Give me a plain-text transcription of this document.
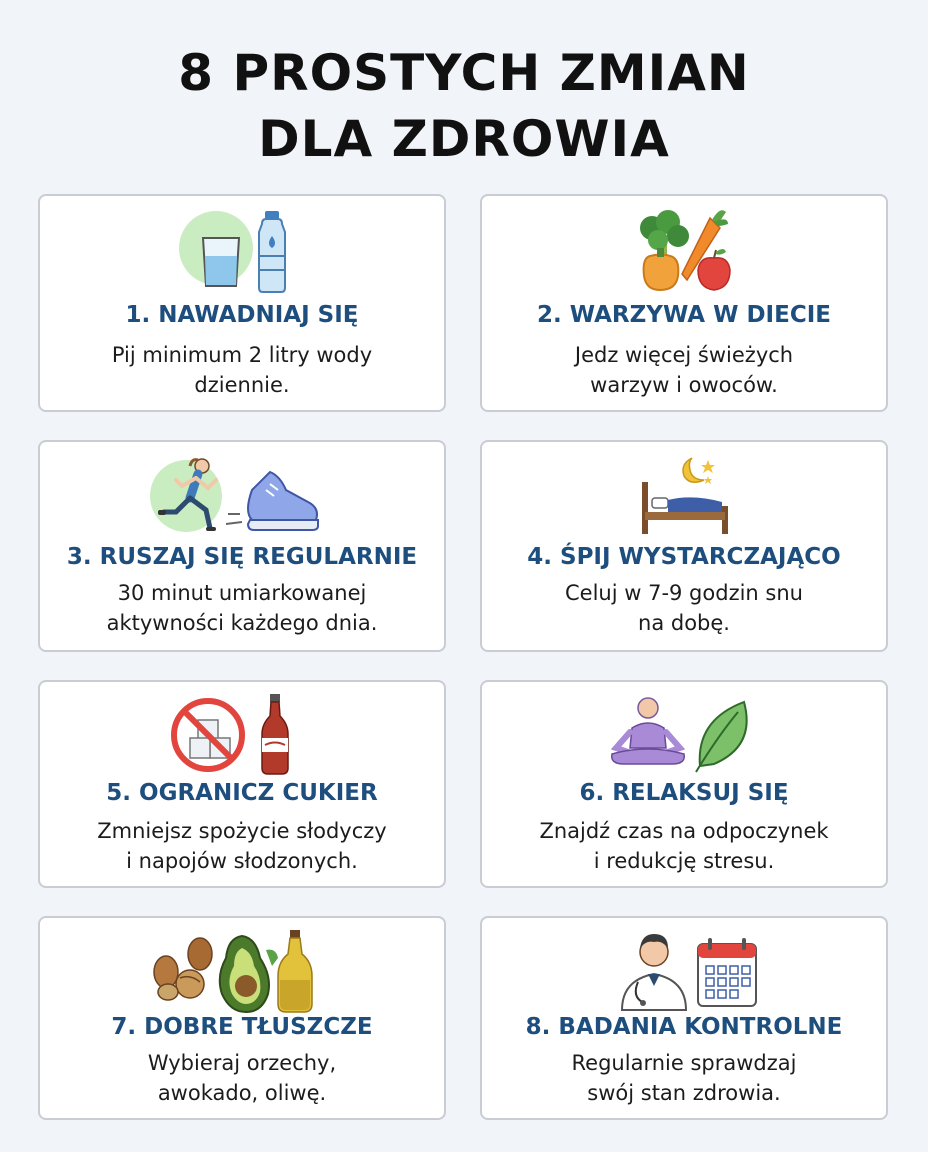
8 PROSTYCH ZMIAN
DLA ZDROWIA
1. NAWADNIAJ SIĘ
Pij minimum 2 litry wody
dziennie.
2. WARZYWA W DIECIE
Jedz więcej świeżych
warzyw i owoców.
3. RUSZAJ SIĘ REGULARNIE
30 minut umiarkowanej
aktywności każdego dnia.
4. ŚPIJ WYSTARCZAJĄCO
Celuj w 7-9 godzin snu
na dobę.
5. OGRANICZ CUKIER
Zmniejsz spożycie słodyczy
i napojów słodzonych.
6. RELAKSUJ SIĘ
Znajdź czas na odpoczynek
i redukcję stresu.
7. DOBRE TŁUSZCZE
Wybieraj orzechy,
awokado, oliwę.
8. BADANIA KONTROLNE
Regularnie sprawdzaj
swój stan zdrowia.
